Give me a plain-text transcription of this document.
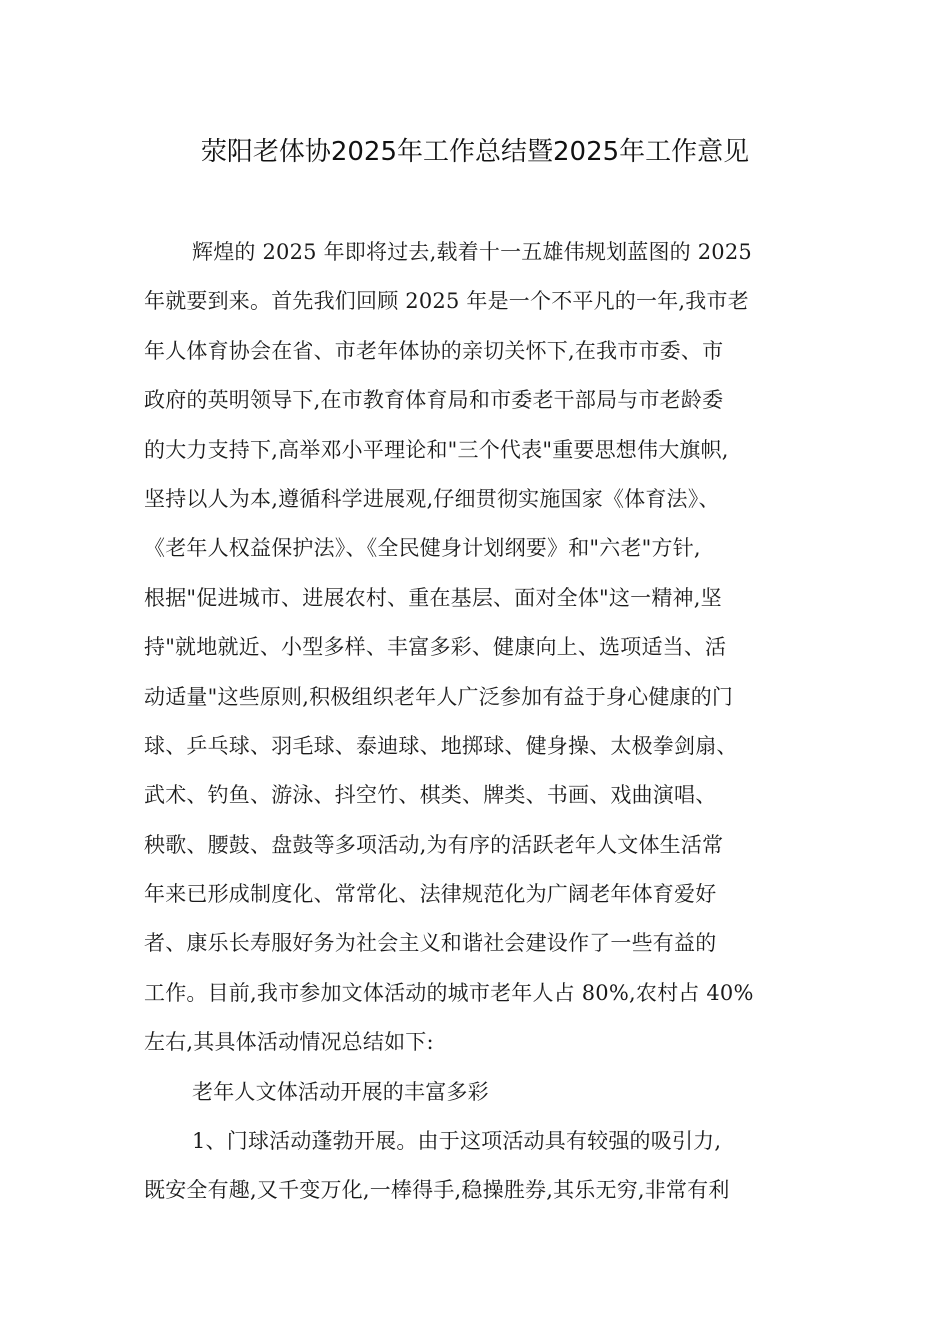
荥阳老体协2025年工作总结暨2025年工作意见
辉煌的 2025 年即将过去,载着十一五雄伟规划蓝图的 2025
年就要到来。首先我们回顾 2025 年是一个不平凡的一年,我市老
年人体育协会在省、市老年体协的亲切关怀下,在我市市委、市
政府的英明领导下,在市教育体育局和市委老干部局与市老龄委
的大力支持下,高举邓小平理论和"三个代表"重要思想伟大旗帜,
坚持以人为本,遵循科学进展观,仔细贯彻实施国家《体育法》、
《老年人权益保护法》、《全民健身计划纲要》和"六老"方针,
根据"促进城市、进展农村、重在基层、面对全体"这一精神,坚
持"就地就近、小型多样、丰富多彩、健康向上、选项适当、活
动适量"这些原则,积极组织老年人广泛参加有益于身心健康的门
球、乒乓球、羽毛球、泰迪球、地掷球、健身操、太极拳剑扇、
武术、钓鱼、游泳、抖空竹、棋类、牌类、书画、戏曲演唱、
秧歌、腰鼓、盘鼓等多项活动,为有序的活跃老年人文体生活常
年来已形成制度化、常常化、法律规范化为广阔老年体育爱好
者、康乐长寿服好务为社会主义和谐社会建设作了一些有益的
工作。目前,我市参加文体活动的城市老年人占 80%,农村占 40%
左右,其具体活动情况总结如下:
老年人文体活动开展的丰富多彩
1、门球活动蓬勃开展。由于这项活动具有较强的吸引力,
既安全有趣,又千变万化,一棒得手,稳操胜券,其乐无穷,非常有利
